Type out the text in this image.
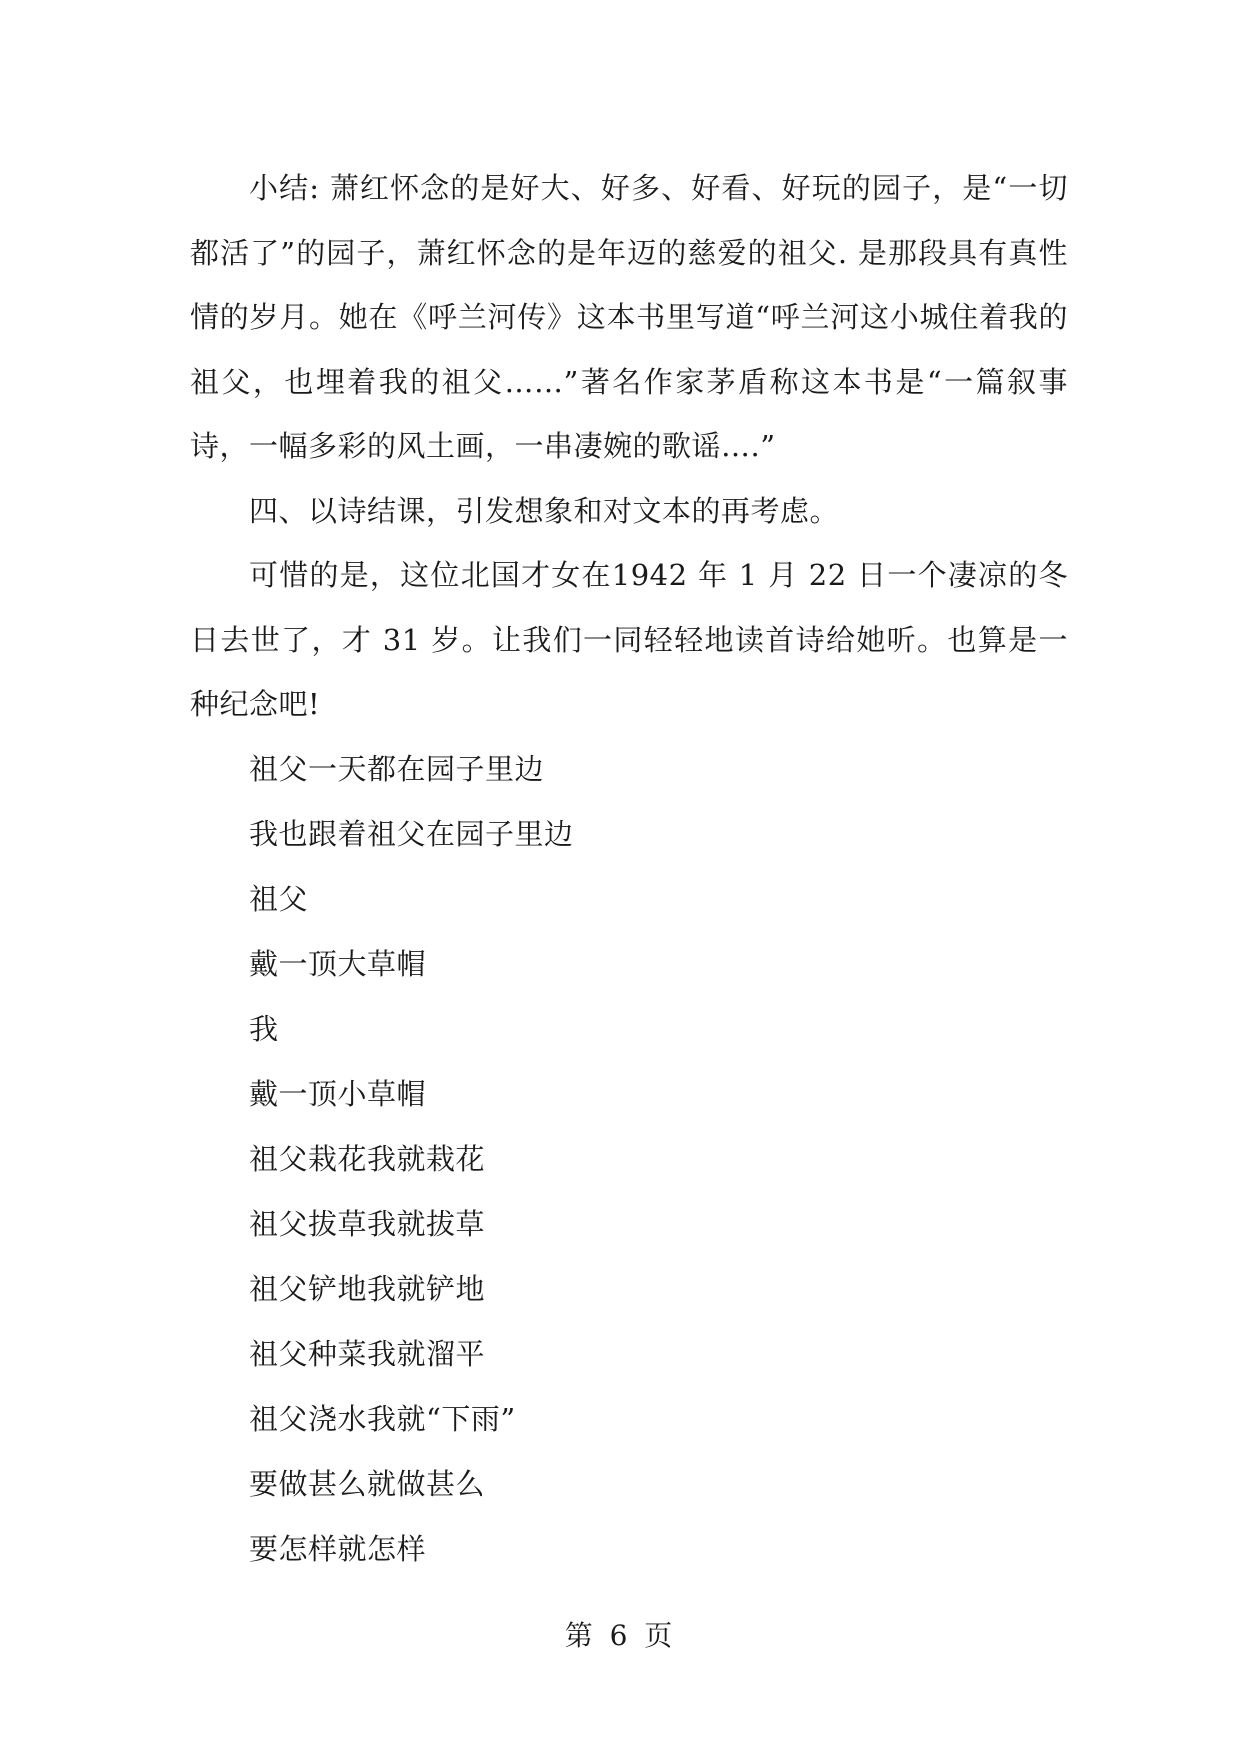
小结: 萧红怀念的是好大、好多、好看、好玩的园子，是“一切都活了”的园子，萧红怀念的是年迈的慈爱的祖父. 是那段具有真性情的岁月。她在《呼兰河传》这本书里写道“呼兰河这小城住着我的祖父，也埋着我的祖父……”著名作家茅盾称这本书是“一篇叙事诗，一幅多彩的风土画，一串凄婉的歌谣….”

四、以诗结课，引发想象和对文本的再考虑。

可惜的是，这位北国才女在1942 年 1 月 22 日一个凄凉的冬日去世了，才 31 岁。让我们一同轻轻地读首诗给她听。也算是一种纪念吧!

祖父一天都在园子里边

我也跟着祖父在园子里边

祖父

戴一顶大草帽

我

戴一顶小草帽

祖父栽花我就栽花

祖父拔草我就拔草

祖父铲地我就铲地

祖父种菜我就溜平

祖父浇水我就“下雨”

要做甚么就做甚么

要怎样就怎样

第 6 页
